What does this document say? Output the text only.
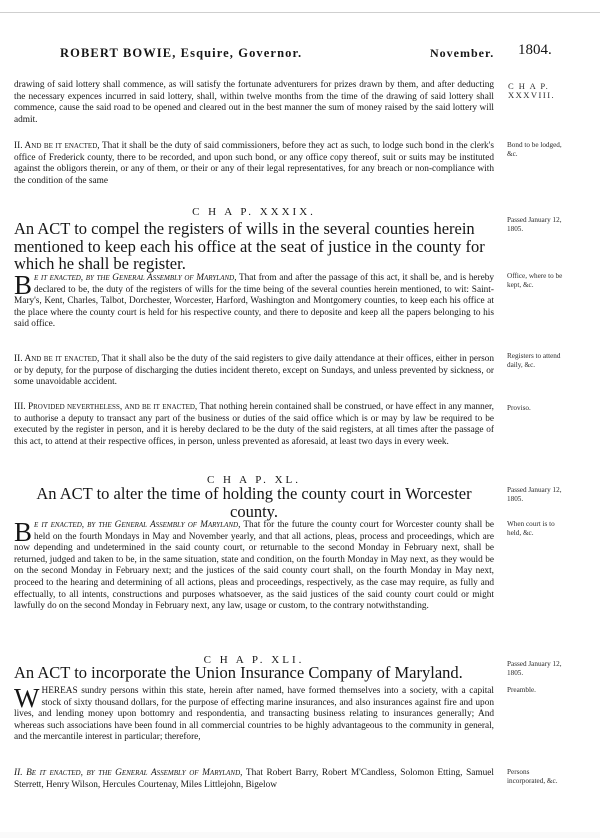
ROBERT BOWIE, Esquire, Governor.	November. 1804.

drawing of said lottery shall commence, as will satisfy the fortunate adventurers for prizes drawn by them, and after deducting the necessary expences incurred in said lottery, shall, within twelve months from the time of the drawing of said lottery shall commence, cause the said road to be opened and cleared out in the best manner the sum of money raised by the said lottery will admit.

II. And be it enacted, That it shall be the duty of said commissioners, before they act as such, to lodge such bond in the clerk's office of Frederick county, there to be recorded, and upon such bond, or any office copy thereof, suit or suits may be instituted against the obligors therein, or any of them, or their or any of their legal representatives, for any breach or non-compliance with the condition of the same

C H A P. XXXIX.

An ACT to compel the registers of wills in the several counties herein mentioned to keep each his office at the seat of justice in the county for which he shall be register.

Be it enacted, by the General Assembly of Maryland, That from and after the passage of this act, it shall be, and is hereby declared to be, the duty of the registers of wills for the time being of the several counties herein mentioned, to wit: Saint-Mary's, Kent, Charles, Talbot, Dorchester, Worcester, Harford, Washington and Montgomery counties, to keep each his office at the place where the county court is held for his respective county, and there to deposite and keep all the papers belonging to his said office.

II. And be it enacted, That it shall also be the duty of the said registers to give daily attendance at their offices, either in person or by deputy, for the purpose of discharging the duties incident thereto, except on Sundays, and unless prevented by sickness, or some unavoidable accident.

III. Provided nevertheless, and be it enacted, That nothing herein contained shall be construed, or have effect in any manner, to authorise a deputy to transact any part of the business or duties of the said office which is or may by law be required to be executed by the register in person, and it is hereby declared to be the duty of the said registers, at all times after the passage of this act, to attend at their respective offices, in person, unless prevented as aforesaid, at least two days in every week.

C H A P. XL.

An ACT to alter the time of holding the county court in Worcester county.

Be it enacted, by the General Assembly of Maryland, That for the future the county court for Worcester county shall be held on the fourth Mondays in May and November yearly, and that all actions, pleas, process and proceedings, which are now depending and undetermined in the said county court, or returnable to the second Monday in February next, shall be returned, judged and taken to be, in the same situation, state and condition, on the fourth Monday in May next, as they would be on the second Monday in February next; and the justices of the said county court shall, on the fourth Monday in May next, proceed to the hearing and determining of all actions, pleas and proceedings, respectively, as the case may require, as fully and effectually, to all intents, constructions and purposes whatsoever, as the said justices of the said county court could or might lawfully do on the second Monday in February next, any law, usage or custom, to the contrary notwithstanding.

C H A P. XLI.

An ACT to incorporate the Union Insurance Company of Maryland.

WHEREAS sundry persons within this state, herein after named, have formed themselves into a society, with a capital stock of sixty thousand dollars, for the purpose of effecting marine insurances, and also insurances against fire and upon lives, and lending money upon bottomry and respondentia, and transacting business relating to insurances generally; And whereas such associations have been found in all commercial countries to be highly advantageous to the community in general, and the mercantile interest in particular; therefore,

II. Be it enacted, by the General Assembly of Maryland, That Robert Barry, Robert M'Candless, Solomon Etting, Samuel Sterrett, Henry Wilson, Hercules Courtenay, Miles Littlejohn, Bigelow

C H A P.
XXXVIII.
Bond to be lodged, &c.
Passed January 12, 1805.
Office, where to be kept, &c.
Registers to attend daily, &c.
Proviso.
Passed January 12, 1805.
When court is to held, &c.
Passed January 12, 1805.
Preamble.
Persons incorporated, &c.
